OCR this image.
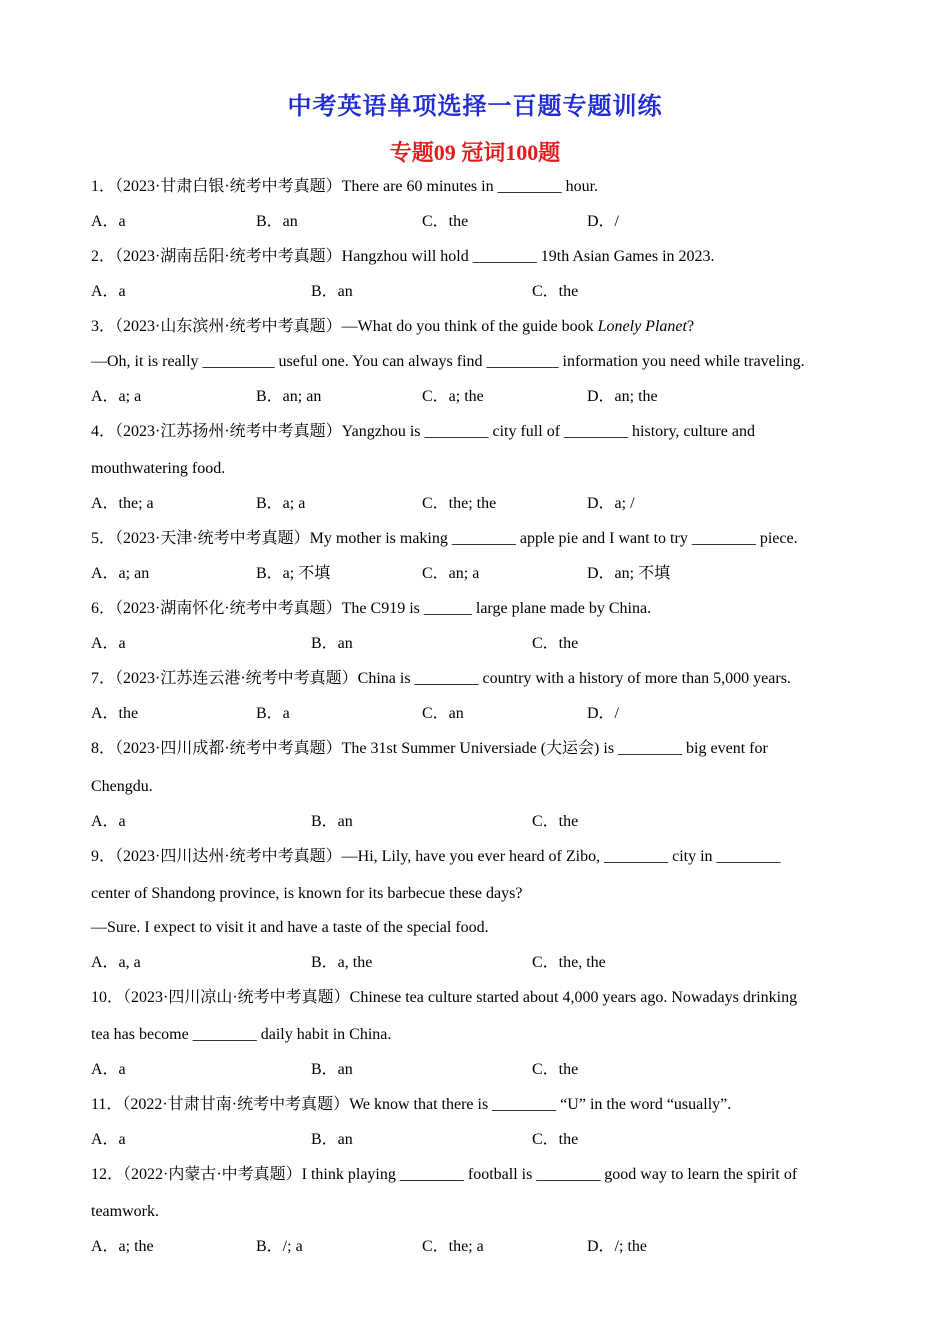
中考英语单项选择一百题专题训练
专题09 冠词100题
1．（2023·甘肃白银·统考中考真题）There are 60 minutes in ________ hour.
A．a	B．an	C．the	D．/
2．（2023·湖南岳阳·统考中考真题）Hangzhou will hold ________ 19th Asian Games in 2023.
A．a	B．an	C．the
3．（2023·山东滨州·统考中考真题）—What do you think of the guide book Lonely Planet?
—Oh, it is really _________ useful one. You can always find _________ information you need while traveling.
A．a; a	B．an; an	C．a; the	D．an; the
4．（2023·江苏扬州·统考中考真题）Yangzhou is ________ city full of ________ history, culture and
mouthwatering food.
A．the; a	B．a; a	C．the; the	D．a; /
5．（2023·天津·统考中考真题）My mother is making ________ apple pie and I want to try ________ piece.
A．a; an	B．a; 不填	C．an; a	D．an; 不填
6．（2023·湖南怀化·统考中考真题）The C919 is ______ large plane made by China.
A．a	B．an	C．the
7．（2023·江苏连云港·统考中考真题）China is ________ country with a history of more than 5,000 years.
A．the	B．a	C．an	D．/
8．（2023·四川成都·统考中考真题）The 31st Summer Universiade (大运会) is ________ big event for
Chengdu.
A．a	B．an	C．the
9．（2023·四川达州·统考中考真题）—Hi, Lily, have you ever heard of Zibo, ________ city in ________
center of Shandong province, is known for its barbecue these days?
—Sure. I expect to visit it and have a taste of the special food.
A．a, a	B．a, the	C．the, the
10．（2023·四川凉山·统考中考真题）Chinese tea culture started about 4,000 years ago. Nowadays drinking
tea has become ________ daily habit in China.
A．a	B．an	C．the
11．（2022·甘肃甘南·统考中考真题）We know that there is ________ “U” in the word “usually”.
A．a	B．an	C．the
12．（2022·内蒙古·中考真题）I think playing ________ football is ________ good way to learn the spirit of
teamwork.
A．a; the	B．/; a	C．the; a	D．/; the
